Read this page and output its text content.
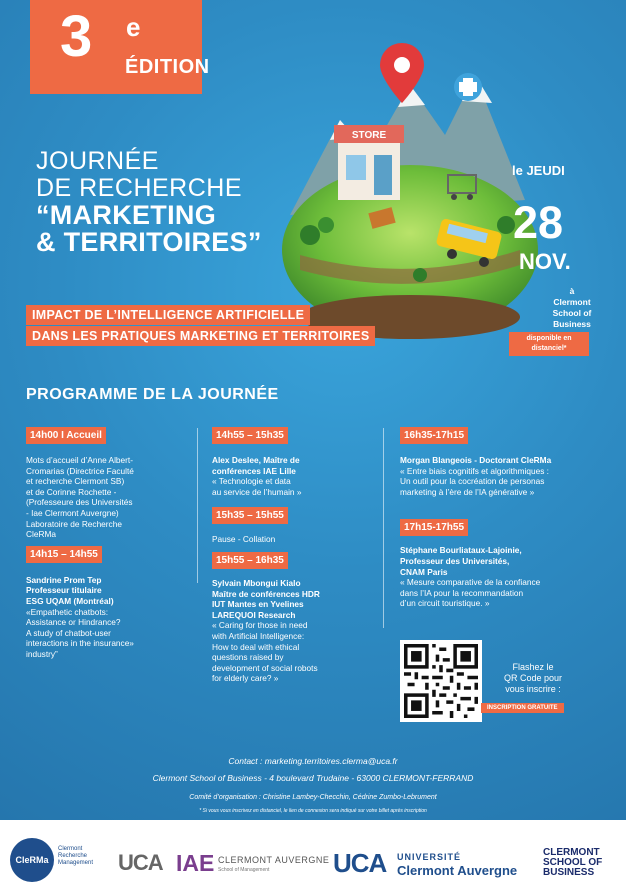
STORE
3 e
ÉDITION
JOURNÉE
DE RECHERCHE
“MARKETING
& TERRITOIRES”
le JEUDI
28
NOV.
à
Clermont
School of
Business
disponible en
distanciel*
IMPACT DE L’INTELLIGENCE ARTIFICIELLE
DANS LES PRATIQUES MARKETING ET TERRITOIRES
PROGRAMME DE LA JOURNÉE
14h00 I Accueil
Mots d’accueil d’Anne Albert-
Cromarias (Directrice Faculté
et recherche Clermont SB)
et de Corinne Rochette -
(Professeure des Universités
- Iae Clermont Auvergne)
Laboratoire de Recherche
CleRMa
14h15 – 14h55
Sandrine Prom Tep
Professeur titulaire
ESG UQAM (Montréal)
«Empathetic chatbots:
Assistance or Hindrance?
A study of chatbot-user
interactions in the insurance»
industry”
14h55 – 15h35
Alex Deslee, Maître de
conférences IAE Lille
« Technologie et data
au service de l’humain »
15h35 – 15h55
Pause - Collation
15h55 – 16h35
Sylvain Mbongui Kialo
Maître de conférences HDR
IUT Mantes en Yvelines
LAREQUOI Research
« Caring for those in need
with Artificial Intelligence:
How to deal with ethical
questions raised by
development of social robots
for elderly care? »
16h35-17h15
Morgan Blangeois - Doctorant CleRMa
« Entre biais cognitifs et algorithmiques :
Un outil pour la cocréation de personas
marketing à l’ère de l’IA générative »
17h15-17h55
Stéphane Bourliataux-Lajoinie,
Professeur des Universités,
CNAM Paris
« Mesure comparative de la confiance
dans l’IA pour la recommandation
d’un circuit touristique. »
Flashez le
QR Code pour
vous inscrire :
INSCRIPTION GRATUITE
Contact : marketing.territoires.clerma@uca.fr
Clermont School of Business - 4 boulevard Trudaine - 63000 CLERMONT-FERRAND
Comité d’organisation : Christine Lambey-Checchin, Cédrine Zumbo-Lebrument
* Si vous vous inscrivez en distanciel, le lien de connexion sera indiqué sur votre billet après inscription
CleRMa
Clermont
Recherche
Management UCA IAE CLERMONT AUVERGNE
School of Management UCA UNIVERSITÉ
Clermont Auvergne
CLERMONT
SCHOOL OF
BUSINESS
